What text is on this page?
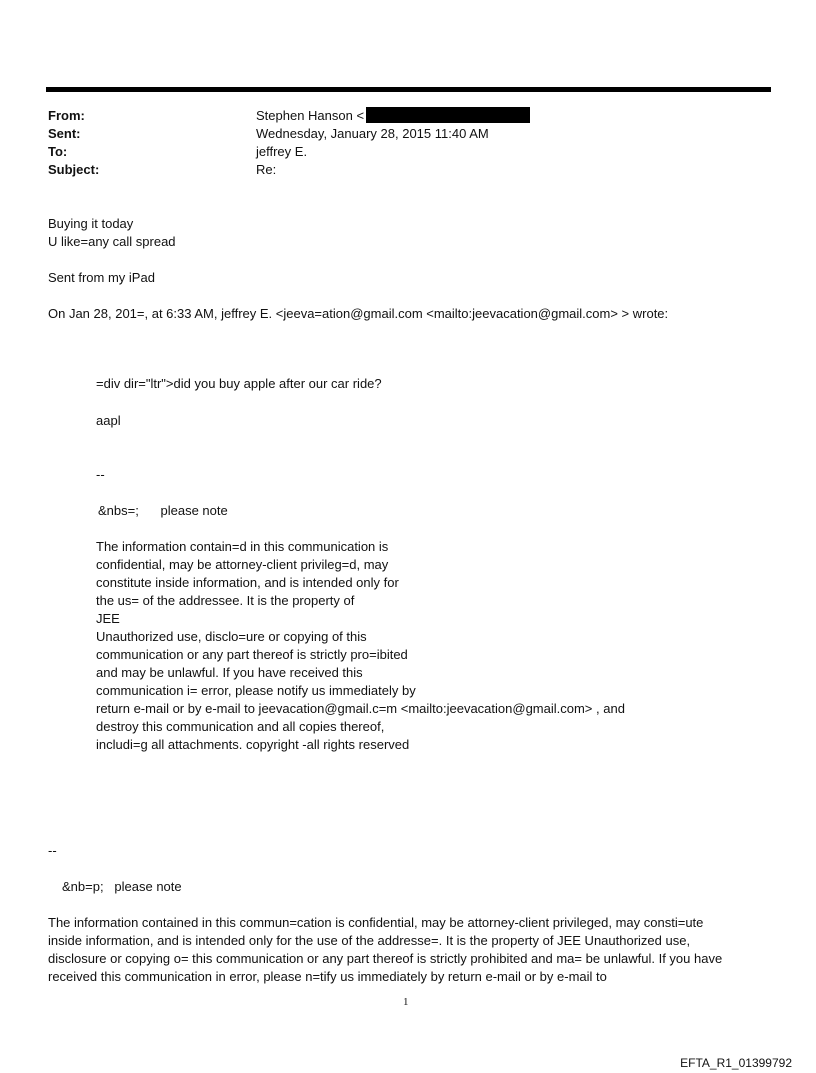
From:	Stephen Hanson <
Sent:	Wednesday, January 28, 2015 11:40 AM
To:	jeffrey E.
Subject:	Re:
Buying it today
U like=any call spread
Sent from my iPad
On Jan 28, 201=, at 6:33 AM, jeffrey E. <jeeva=ation@gmail.com <mailto:jeevacation@gmail.com> > wrote:
=div dir="ltr">did you buy apple after our car ride?
aapl
--
&nbs=;      please note
The information contain=d in this communication is
confidential, may be attorney-client privileg=d, may
constitute inside information, and is intended only for
the us= of the addressee. It is the property of
JEE
Unauthorized use, disclo=ure or copying of this
communication or any part thereof is strictly pro=ibited
and may be unlawful. If you have received this
communication i= error, please notify us immediately by
return e-mail or by e-mail to jeevacation@gmail.c=m <mailto:jeevacation@gmail.com> , and
destroy this communication and all copies thereof,
includi=g all attachments. copyright -all rights reserved
--
&nb=p;   please note
The information contained in this commun=cation is confidential, may be attorney-client privileged, may consti=ute
inside information, and is intended only for the use of the addresse=. It is the property of JEE Unauthorized use,
disclosure or copying o= this communication or any part thereof is strictly prohibited and ma= be unlawful. If you have
received this communication in error, please n=tify us immediately by return e-mail or by e-mail to
1
EFTA_R1_01399792
